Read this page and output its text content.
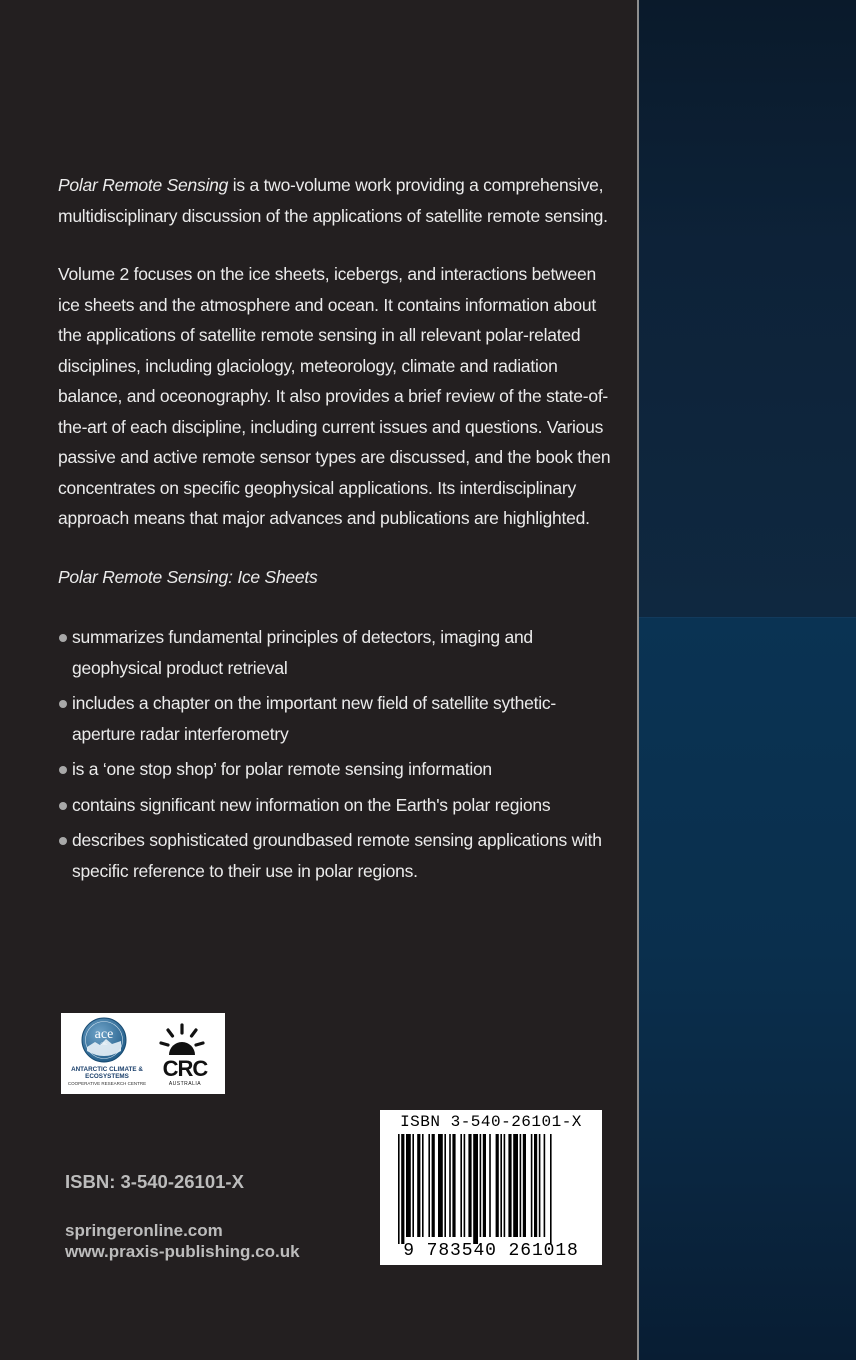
Polar Remote Sensing is a two-volume work providing a comprehensive, multidisciplinary discussion of the applications of satellite remote sensing.

Volume 2 focuses on the ice sheets, icebergs, and interactions between ice sheets and the atmosphere and ocean. It contains information about the applications of satellite remote sensing in all relevant polar-related disciplines, including glaciology, meteorology, climate and radiation balance, and oceonography. It also provides a brief review of the state-of-the-art of each discipline, including current issues and questions. Various passive and active remote sensor types are discussed, and the book then concentrates on specific geophysical applications. Its interdisciplinary approach means that major advances and publications are highlighted.

Polar Remote Sensing: Ice Sheets

summarizes fundamental principles of detectors, imaging and geophysical product retrieval
includes a chapter on the important new field of satellite sythetic-aperture radar interferometry
is a ‘one stop shop’ for polar remote sensing information
contains significant new information on the Earth's polar regions
describes sophisticated groundbased remote sensing applications with specific reference to their use in polar regions.
ace
CRC
ANTARCTIC CLIMATE & ECOSYSTEMS
COOPERATIVE RESEARCH CENTRE
CRC
AUSTRALIA
ISBN: 3-540-26101-X
springeronline.com
www.praxis-publishing.co.uk
ISBN 3-540-26101-X
9 783540 261018
